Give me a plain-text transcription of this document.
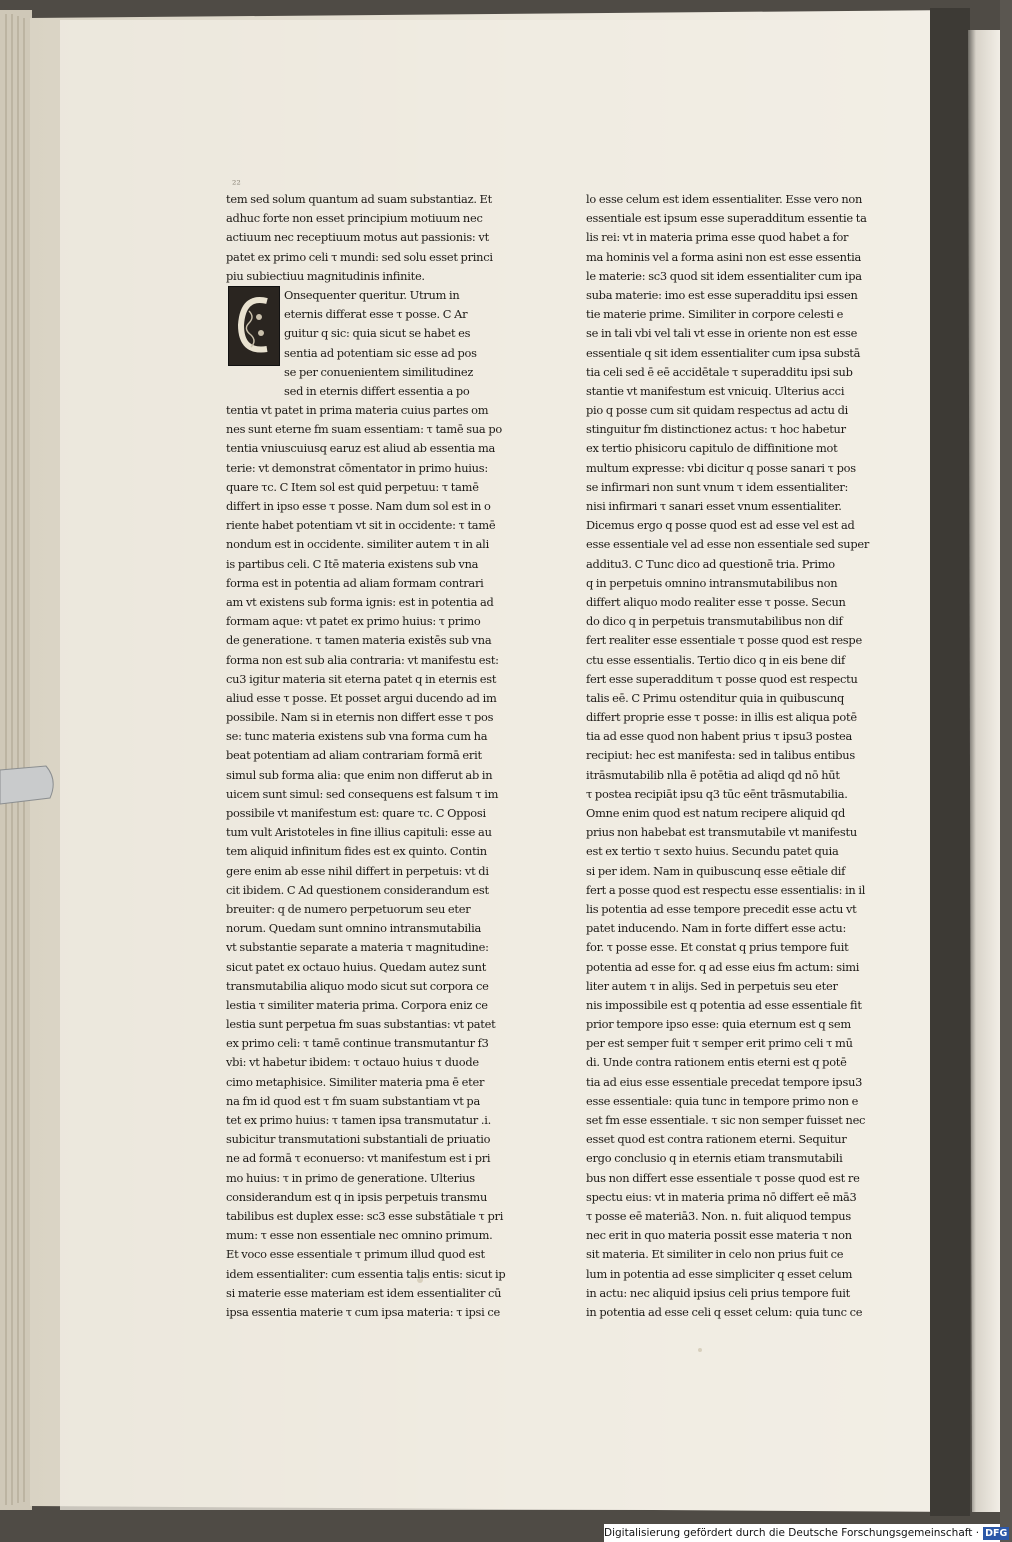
²²
tem sed solum quantum ad suam substantiaz. Et
adhuc forte non esset principium motiuum nec
actiuum nec receptiuum motus aut passionis: vt
patet ex primo celi τ mundi: sed solu esset princi
piu subiectiuu magnitudinis infinite.
Onsequenter queritur. Utrum in
eternis differat esse τ posse. C Ar
guitur q sic: quia sicut se habet es
sentia ad potentiam sic esse ad pos
se per conuenientem similitudinez
sed in eternis differt essentia a po
tentia vt patet in prima materia cuius partes om
nes sunt eterne fm suam essentiam: τ tamē sua po
tentia vniuscuiusq earuz est aliud ab essentia ma
terie: vt demonstrat cōmentator in primo huius:
quare τc. C Item sol est quid perpetuu: τ tamē
differt in ipso esse τ posse. Nam dum sol est in o
riente habet potentiam vt sit in occidente: τ tamē
nondum est in occidente. similiter autem τ in ali
is partibus celi. C Itē materia existens sub vna
forma est in potentia ad aliam formam contrari
am vt existens sub forma ignis: est in potentia ad
formam aque: vt patet ex primo huius: τ primo
de generatione. τ tamen materia existēs sub vna
forma non est sub alia contraria: vt manifestu est:
cu3 igitur materia sit eterna patet q in eternis est
aliud esse τ posse. Et posset argui ducendo ad im
possibile. Nam si in eternis non differt esse τ pos
se: tunc materia existens sub vna forma cum ha
beat potentiam ad aliam contrariam formā erit
simul sub forma alia: que enim non differut ab in
uicem sunt simul: sed consequens est falsum τ im
possibile vt manifestum est: quare τc. C Opposi
tum vult Aristoteles in fine illius capituli: esse au
tem aliquid infinitum fides est ex quinto. Contin
gere enim ab esse nihil differt in perpetuis: vt di
cit ibidem. C Ad questionem considerandum est
breuiter: q de numero perpetuorum seu eter
norum. Quedam sunt omnino intransmutabilia
vt substantie separate a materia τ magnitudine:
sicut patet ex octauo huius. Quedam autez sunt
transmutabilia aliquo modo sicut sut corpora ce
lestia τ similiter materia prima. Corpora eniz ce
lestia sunt perpetua fm suas substantias: vt patet
ex primo celi: τ tamē continue transmutantur f3
vbi: vt habetur ibidem: τ octauo huius τ duode
cimo metaphisice. Similiter materia pma ē eter
na fm id quod est τ fm suam substantiam vt pa
tet ex primo huius: τ tamen ipsa transmutatur .i.
subicitur transmutationi substantiali de priuatio
ne ad formā τ econuerso: vt manifestum est i pri
mo huius: τ in primo de generatione. Ulterius
considerandum est q in ipsis perpetuis transmu
tabilibus est duplex esse: sc3 esse substātiale τ pri
mum: τ esse non essentiale nec omnino primum.
Et voco esse essentiale τ primum illud quod est
idem essentialiter: cum essentia talis entis: sicut ip
si materie esse materiam est idem essentialiter cū
ipsa essentia materie τ cum ipsa materia: τ ipsi ce
lo esse celum est idem essentialiter. Esse vero non
essentiale est ipsum esse superadditum essentie ta
lis rei: vt in materia prima esse quod habet a for
ma hominis vel a forma asini non est esse essentia
le materie: sc3 quod sit idem essentialiter cum ipa
suba materie: imo est esse superadditu ipsi essen
tie materie prime. Similiter in corpore celesti e
se in tali vbi vel tali vt esse in oriente non est esse
essentiale q sit idem essentialiter cum ipsa substā
tia celi sed ē eē accidētale τ superadditu ipsi sub
stantie vt manifestum est vnicuiq. Ulterius acci
pio q posse cum sit quidam respectus ad actu di
stinguitur fm distinctionez actus: τ hoc habetur
ex tertio phisicoru capitulo de diffinitione mot
multum expresse: vbi dicitur q posse sanari τ pos
se infirmari non sunt vnum τ idem essentialiter:
nisi infirmari τ sanari esset vnum essentialiter.
Dicemus ergo q posse quod est ad esse vel est ad
esse essentiale vel ad esse non essentiale sed super
additu3. C Tunc dico ad questionē tria. Primo
q in perpetuis omnino intransmutabilibus non
differt aliquo modo realiter esse τ posse. Secun
do dico q in perpetuis transmutabilibus non dif
fert realiter esse essentiale τ posse quod est respe
ctu esse essentialis. Tertio dico q in eis bene dif
fert esse superadditum τ posse quod est respectu
talis eē. C Primu ostenditur quia in quibuscunq
differt proprie esse τ posse: in illis est aliqua potē
tia ad esse quod non habent prius τ ipsu3 postea
recipiut: hec est manifesta: sed in talibus entibus
itrāsmutabilib nlla ē potētia ad aliqd qd nō hūt
τ postea recipiāt ipsu q3 tūc eēnt trāsmutabilia.
Omne enim quod est natum recipere aliquid qd
prius non habebat est transmutabile vt manifestu
est ex tertio τ sexto huius. Secundu patet quia
si per idem. Nam in quibuscunq esse eētiale dif
fert a posse quod est respectu esse essentialis: in il
lis potentia ad esse tempore precedit esse actu vt
patet inducendo. Nam in forte differt esse actu:
for. τ posse esse. Et constat q prius tempore fuit
potentia ad esse for. q ad esse eius fm actum: simi
liter autem τ in alijs. Sed in perpetuis seu eter
nis impossibile est q potentia ad esse essentiale fit
prior tempore ipso esse: quia eternum est q sem
per est semper fuit τ semper erit primo celi τ mū
di. Unde contra rationem entis eterni est q potē
tia ad eius esse essentiale precedat tempore ipsu3
esse essentiale: quia tunc in tempore primo non e
set fm esse essentiale. τ sic non semper fuisset nec
esset quod est contra rationem eterni. Sequitur
ergo conclusio q in eternis etiam transmutabili
bus non differt esse essentiale τ posse quod est re
spectu eius: vt in materia prima nō differt eē mā3
τ posse eē materiā3. Non. n. fuit aliquod tempus
nec erit in quo materia possit esse materia τ non
sit materia. Et similiter in celo non prius fuit ce
lum in potentia ad esse simpliciter q esset celum
in actu: nec aliquid ipsius celi prius tempore fuit
in potentia ad esse celi q esset celum: quia tunc ce
Digitalisierung gefördert durch die Deutsche Forschungsgemeinschaft · DFG
